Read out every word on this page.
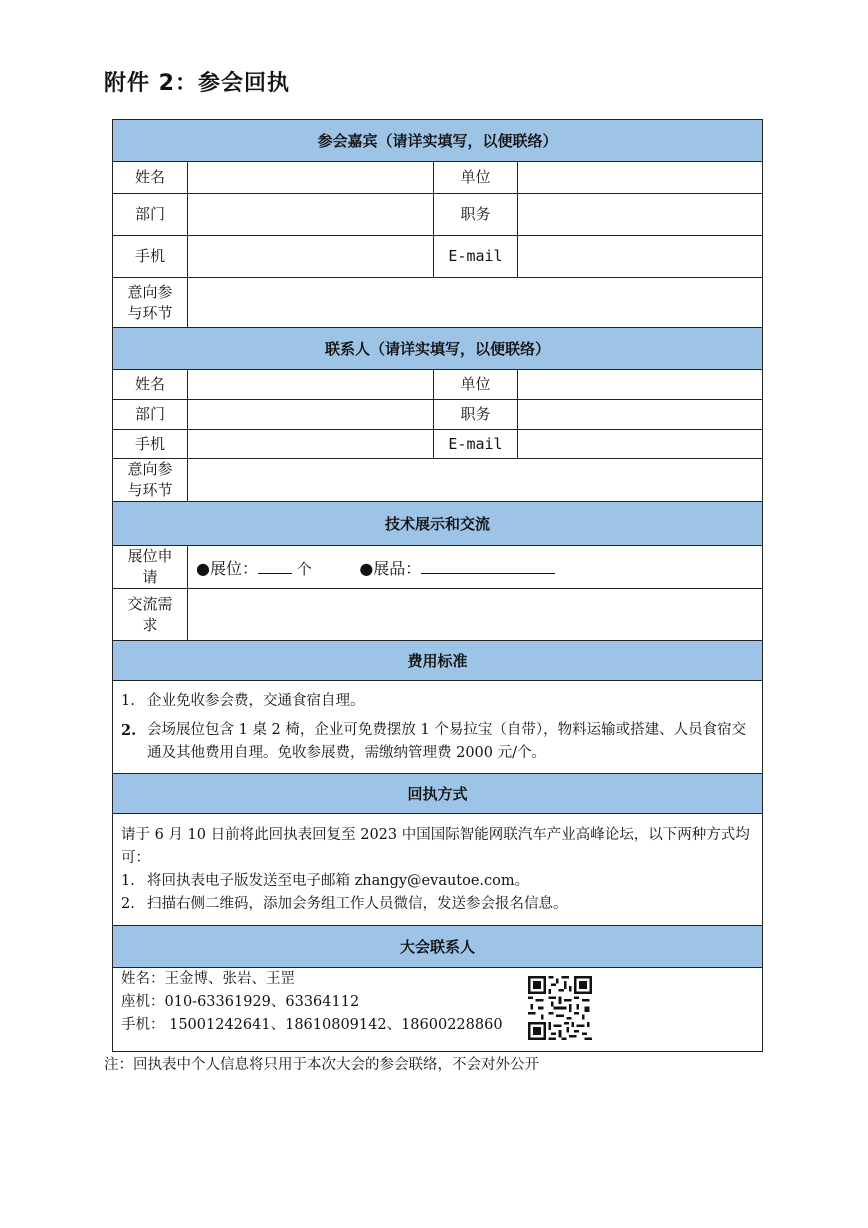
附件 2：参会回执
参会嘉宾（请详实填写，以便联络）			
姓名		单位	
部门		职务	
手机		E-mail	
意向参与环节			
联系人（请详实填写，以便联络）			
姓名		单位	
部门		职务	
手机		E-mail	
意向参与环节			
技术展示和交流			
展位申请	●展位： 个 ●展品：		
交流需求			
费用标准			

1. 企业免收参会费，交通食宿自理。
2. 会场展位包含 1 桌 2 椅，企业可免费摆放 1 个易拉宝（自带），物料运输或搭建、人员食宿交通及其他费用自理。免收参展费，需缴纳管理费 2000 元/个。			

回执方式			

请于 6 月 10 日前将此回执表回复至 2023 中国国际智能网联汽车产业高峰论坛，以下两种方式均可：
1. 将回执表电子版发送至电子邮箱 zhangy@evautoe.com。
2. 扫描右侧二维码，添加会务组工作人员微信，发送参会报名信息。			

大会联系人			

姓名：王金博、张岩、王罡
座机：010-63361929、63364112
手机： 15001242641、18610809142、18600228860			
注：回执表中个人信息将只用于本次大会的参会联络，不会对外公开
